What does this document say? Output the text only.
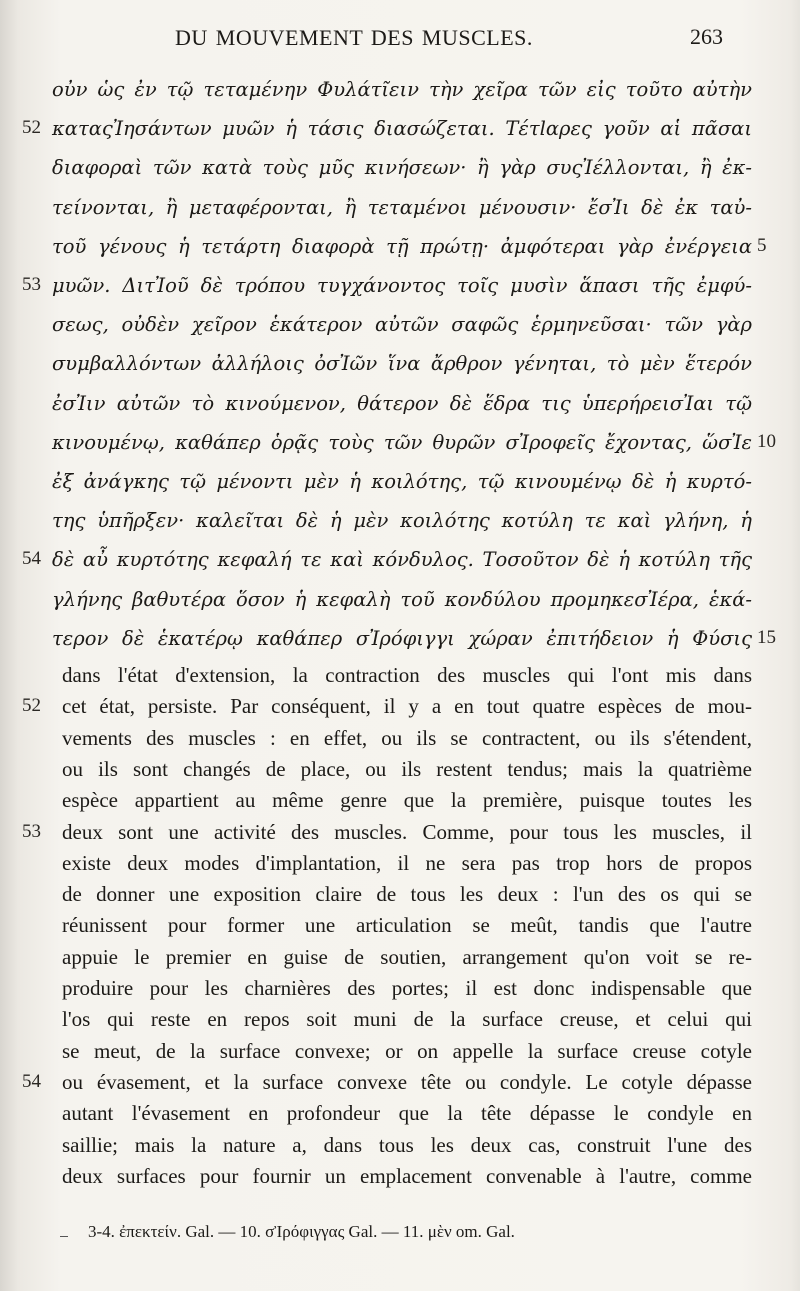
DU MOUVEMENT DES MUSCLES.	263
οὐν ὡς ἐν τῷ τεταμένην Φυλάτῖειν τὴν χεῖρα τῶν εἰς τοῦτο αὐτὴν
καταςἸησάντων μυῶν ἡ τάσις διασώζεται. Τέτlαρες γοῦν αἱ πᾶσαι
διαφοραὶ τῶν κατὰ τοὺς μῦς κινήσεων· ἢ γὰρ συςἸέλλονται, ἢ ἐκ-
τείνονται, ἢ μεταφέρονται, ἢ τεταμένοι μένουσιν· ἔσἸι δὲ ἐκ ταὐ-
τοῦ γένους ἡ τετάρτη διαφορὰ τῇ πρώτῃ· ἀμφότεραι γὰρ ἐνέργεια
μυῶν. ΔιτἸοῦ δὲ τρόπου τυγχάνοντος τοῖς μυσὶν ἅπασι τῆς ἐμφύ-
σεως, οὐδὲν χεῖρον ἑκάτερον αὐτῶν σαφῶς ἑρμηνεῦσαι· τῶν γὰρ
συμβαλλόντων ἀλλήλοις ὀσἸῶν ἵνα ἄρθρον γένηται, τὸ μὲν ἕτερόν
ἐσἸιν αὐτῶν τὸ κινούμενον, θάτερον δὲ ἕδρα τις ὑπερήρεισἸαι τῷ
κινουμένῳ, καθάπερ ὁρᾷς τοὺς τῶν θυρῶν σἸροφεῖς ἔχοντας, ὥσἸε
ἐξ ἀνάγκης τῷ μένοντι μὲν ἡ κοιλότης, τῷ κινουμένῳ δὲ ἡ κυρτό-
της ὑπῆρξεν· καλεῖται δὲ ἡ μὲν κοιλότης κοτύλη τε καὶ γλήνη, ἡ
δὲ αὖ κυρτότης κεφαλή τε καὶ κόνδυλος. Τοσοῦτον δὲ ἡ κοτύλη τῆς
γλήνης βαθυτέρα ὅσον ἡ κεφαλὴ τοῦ κονδύλου προμηκεσἸέρα, ἑκά-
τερον δὲ ἑκατέρῳ καθάπερ σἸρόφιγγι χώραν ἐπιτήδειον ἡ Φύσις
52
53
54
5
10
15
dans l'état d'extension, la contraction des muscles qui l'ont mis dans
cet état, persiste. Par conséquent, il y a en tout quatre espèces de mou-
vements des muscles : en effet, ou ils se contractent, ou ils s'étendent,
ou ils sont changés de place, ou ils restent tendus; mais la quatrième
espèce appartient au même genre que la première, puisque toutes les
deux sont une activité des muscles. Comme, pour tous les muscles, il
existe deux modes d'implantation, il ne sera pas trop hors de propos
de donner une exposition claire de tous les deux : l'un des os qui se
réunissent pour former une articulation se meût, tandis que l'autre
appuie le premier en guise de soutien, arrangement qu'on voit se re-
produire pour les charnières des portes; il est donc indispensable que
l'os qui reste en repos soit muni de la surface creuse, et celui qui
se meut, de la surface convexe; or on appelle la surface creuse cotyle
ou évasement, et la surface convexe tête ou condyle. Le cotyle dépasse
autant l'évasement en profondeur que la tête dépasse le condyle en
saillie; mais la nature a, dans tous les deux cas, construit l'une des
deux surfaces pour fournir un emplacement convenable à l'autre, comme
52
53
54
3-4. ἐπεκτείν. Gal. — 10. σἸρόφιγγας Gal. — 11. μὲν om. Gal.
